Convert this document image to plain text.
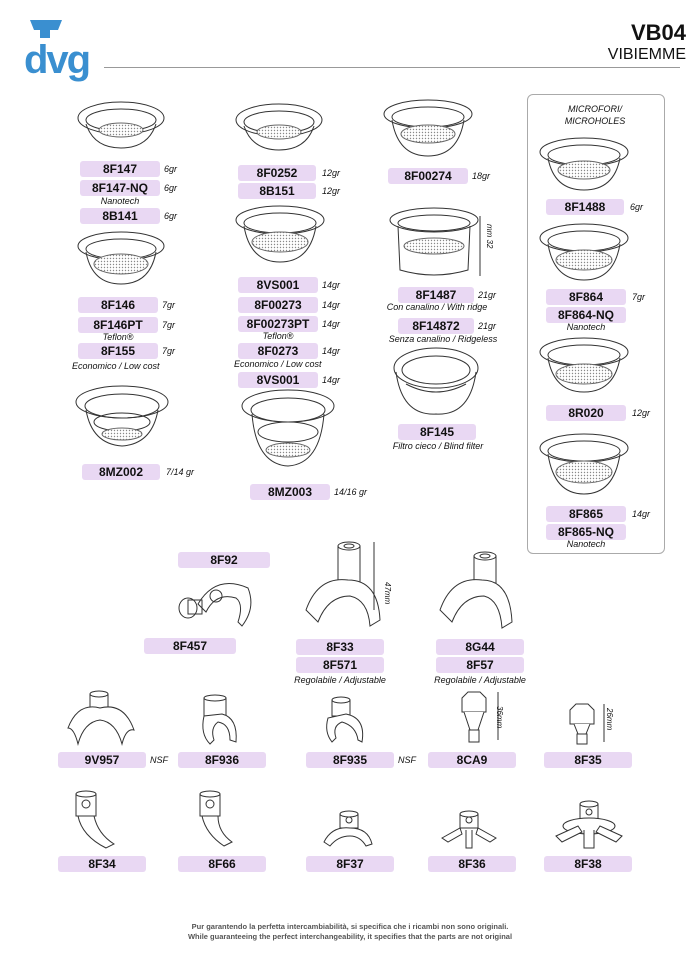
dvg
VB04
VIBIEMME
8F147	6gr
8F147-NQ	6gr
Nanotech
8B141	6gr
8F146	7gr
8F146PT	7gr
Teflon®
8F155	7gr
Economico / Low cost
8MZ002	7/14 gr
8F0252	12gr
8B151	12gr
8VS001	14gr
8F00273	14gr
8F00273PT	14gr
Teflon®
8F0273	14gr
Economico / Low cost
8VS001	14gr
8MZ003	14/16 gr
8F00274	18gr
mm 32
8F1487	21gr
Con canalino / With ridge
8F14872	21gr
Senza canalino / Ridgeless
8F145
Filtro cieco / Blind filter
MICROFORI/
MICROHOLES
8F1488	6gr
8F864	7gr
8F864-NQ
Nanotech
8R020	12gr
8F865	14gr
8F865-NQ
Nanotech
8F92
8F457
47mm
8F33
8F571
Regolabile / Adjustable
8G44
8F57
Regolabile / Adjustable
9V957	NSF	8F936	8F935	NSF
36mm
8CA9
26mm
8F35
8F34	8F66	8F37	8F36	8F38
Pur garantendo la perfetta intercambiabilità, si specifica che i ricambi non sono originali.
While guaranteeing the perfect interchangeability, it specifies that the parts are not original
